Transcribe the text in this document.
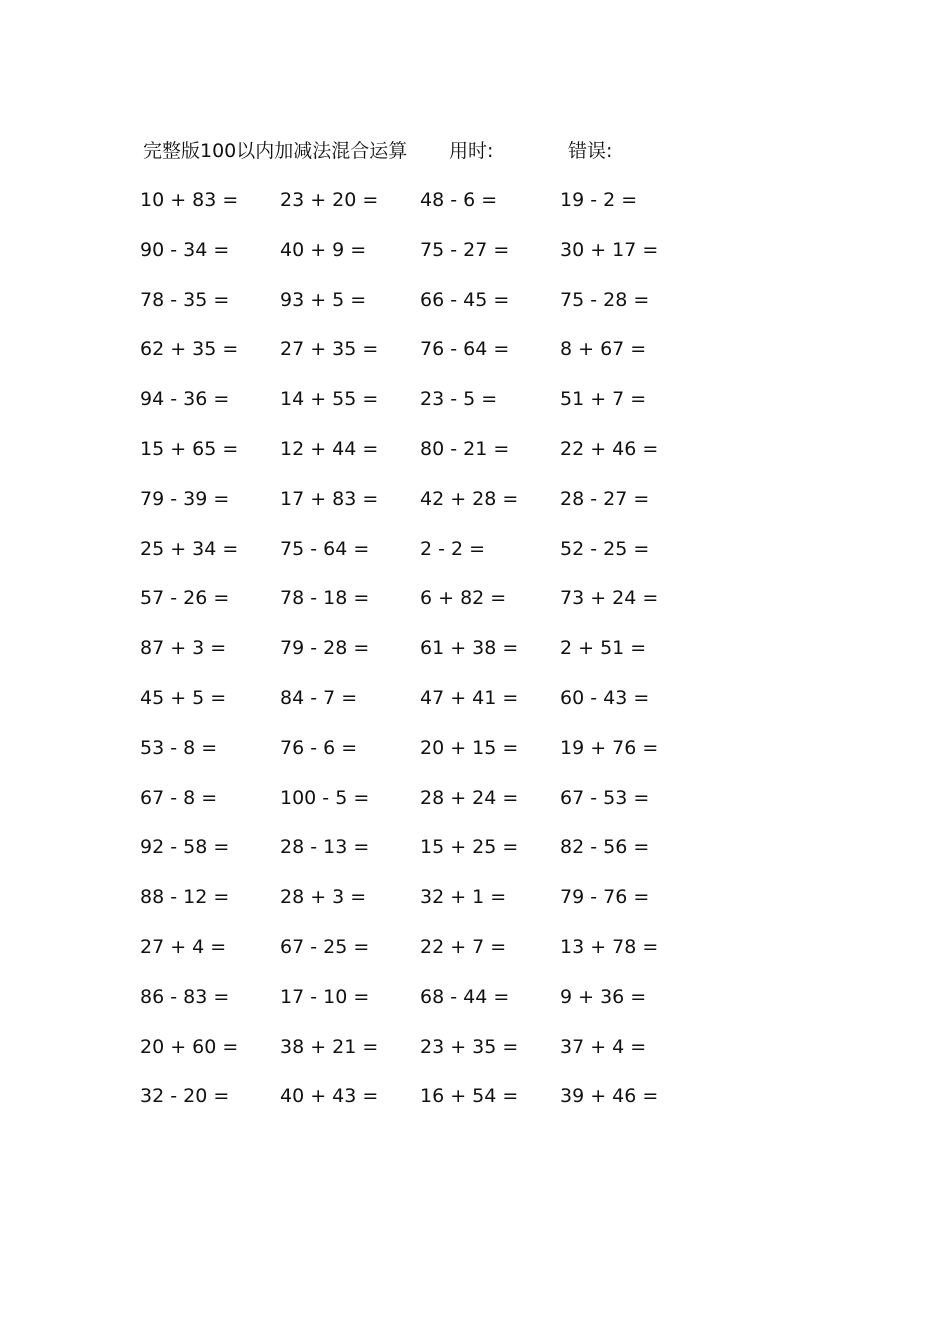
完整版100以内加减法混合运算 用时:	错误:
10 + 83 =	23 + 20 =	48 - 6 =	19 - 2 =
90 - 34 =	40 + 9 =	75 - 27 =	30 + 17 =
78 - 35 =	93 + 5 =	66 - 45 =	75 - 28 =
62 + 35 =	27 + 35 =	76 - 64 =	8 + 67 =
94 - 36 =	14 + 55 =	23 - 5 =	51 + 7 =
15 + 65 =	12 + 44 =	80 - 21 =	22 + 46 =
79 - 39 =	17 + 83 =	42 + 28 =	28 - 27 =
25 + 34 =	75 - 64 =	2 - 2 =	52 - 25 =
57 - 26 =	78 - 18 =	6 + 82 =	73 + 24 =
87 + 3 =	79 - 28 =	61 + 38 =	2 + 51 =
45 + 5 =	84 - 7 =	47 + 41 =	60 - 43 =
53 - 8 =	76 - 6 =	20 + 15 =	19 + 76 =
67 - 8 =	100 - 5 =	28 + 24 =	67 - 53 =
92 - 58 =	28 - 13 =	15 + 25 =	82 - 56 =
88 - 12 =	28 + 3 =	32 + 1 =	79 - 76 =
27 + 4 =	67 - 25 =	22 + 7 =	13 + 78 =
86 - 83 =	17 - 10 =	68 - 44 =	9 + 36 =
20 + 60 =	38 + 21 =	23 + 35 =	37 + 4 =
32 - 20 =	40 + 43 =	16 + 54 =	39 + 46 =
